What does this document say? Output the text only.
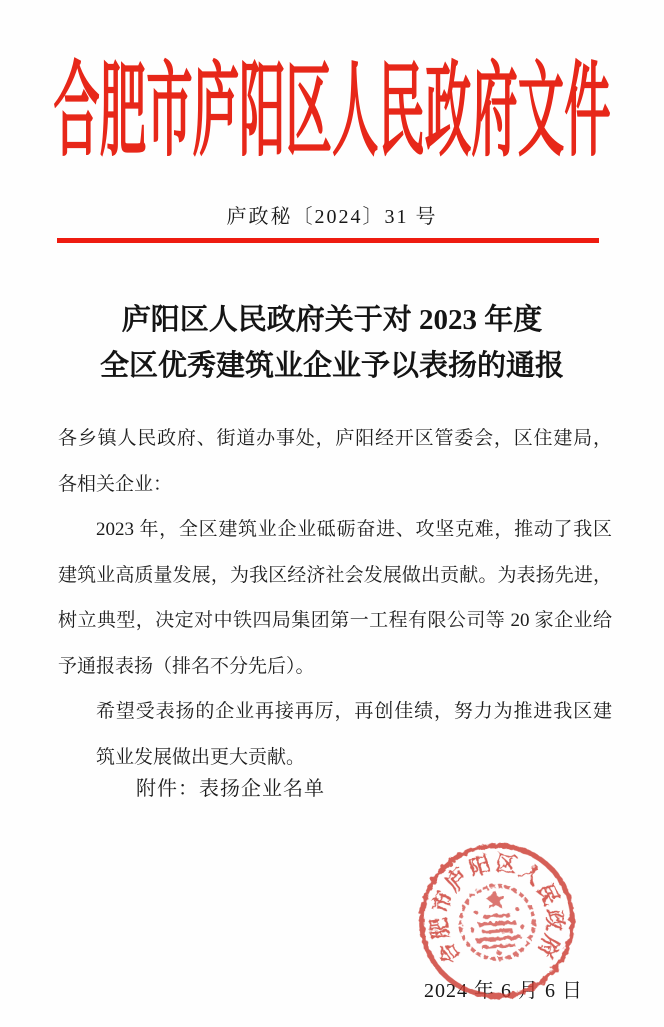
合肥市庐阳区人民政府文件
庐政秘〔2024〕31 号
庐阳区人民政府关于对 2023 年度
全区优秀建筑业企业予以表扬的通报
各乡镇人民政府、街道办事处，庐阳经开区管委会，区住建局，
各相关企业：
2023 年，全区建筑业企业砥砺奋进、攻坚克难，推动了我区
建筑业高质量发展，为我区经济社会发展做出贡献。为表扬先进，
树立典型，决定对中铁四局集团第一工程有限公司等 20 家企业给
予通报表扬（排名不分先后）。
希望受表扬的企业再接再厉，再创佳绩，努力为推进我区建
筑业发展做出更大贡献。
附件：表扬企业名单
2024 年 6 月 6 日
合
肥
市
庐
阳 区
人
民
政
府
